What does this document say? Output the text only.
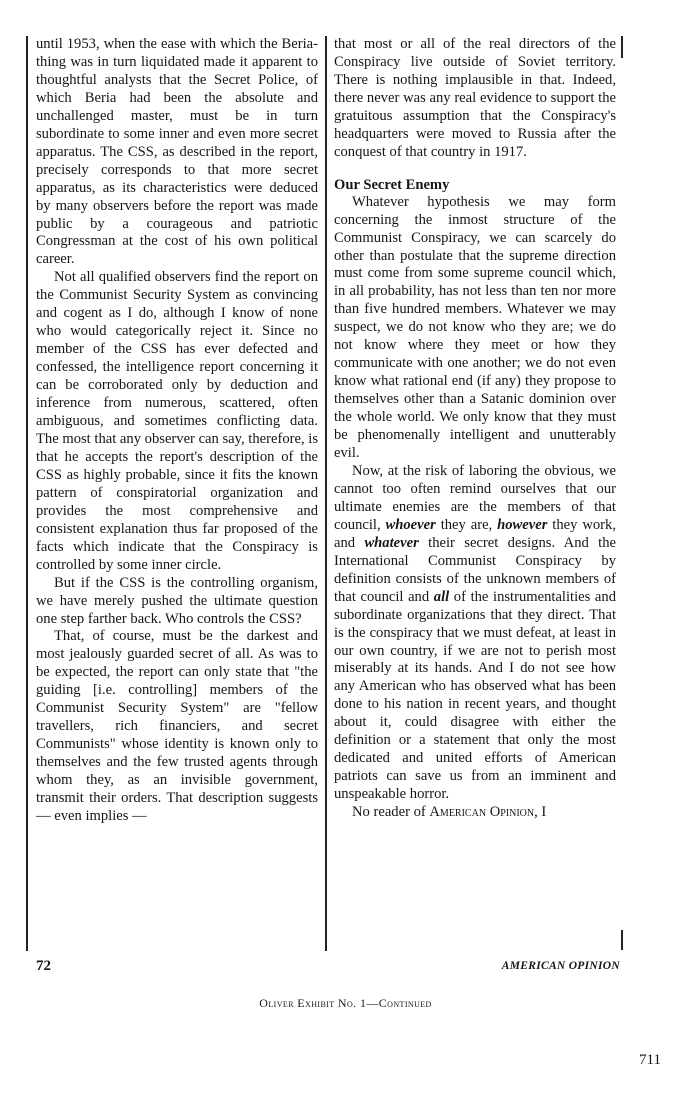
until 1953, when the ease with which the Beria-thing was in turn liquidated made it apparent to thoughtful analysts that the Secret Police, of which Beria had been the absolute and unchallenged master, must be in turn subordinate to some inner and even more secret apparatus. The CSS, as described in the report, precisely corresponds to that more secret apparatus, as its characteristics were deduced by many observers before the report was made public by a courageous and patriotic Congressman at the cost of his own political career.

Not all qualified observers find the report on the Communist Security System as convincing and cogent as I do, although I know of none who would categorically reject it. Since no member of the CSS has ever defected and confessed, the intelligence report concerning it can be corroborated only by deduction and inference from numerous, scattered, often ambiguous, and sometimes conflicting data. The most that any observer can say, therefore, is that he accepts the report's description of the CSS as highly probable, since it fits the known pattern of conspiratorial organization and provides the most comprehensive and consistent explanation thus far proposed of the facts which indicate that the Conspiracy is controlled by some inner circle.

But if the CSS is the controlling organism, we have merely pushed the ultimate question one step farther back. Who controls the CSS?

That, of course, must be the darkest and most jealously guarded secret of all. As was to be expected, the report can only state that "the guiding [i.e. controlling] members of the Communist Security System" are "fellow travellers, rich financiers, and secret Communists" whose identity is known only to themselves and the few trusted agents through whom they, as an invisible government, transmit their orders. That description suggests — even implies —

that most or all of the real directors of the Conspiracy live outside of Soviet territory. There is nothing implausible in that. Indeed, there never was any real evidence to support the gratuitous assumption that the Conspiracy's headquarters were moved to Russia after the conquest of that country in 1917.

Our Secret Enemy

Whatever hypothesis we may form concerning the inmost structure of the Communist Conspiracy, we can scarcely do other than postulate that the supreme direction must come from some supreme council which, in all probability, has not less than ten nor more than five hundred members. Whatever we may suspect, we do not know who they are; we do not know where they meet or how they communicate with one another; we do not even know what rational end (if any) they propose to themselves other than a Satanic dominion over the whole world. We only know that they must be phenomenally intelligent and unutterably evil.

Now, at the risk of laboring the obvious, we cannot too often remind ourselves that our ultimate enemies are the members of that council, whoever they are, however they work, and whatever their secret designs. And the International Communist Conspiracy by definition consists of the unknown members of that council and all of the instrumentalities and subordinate organizations that they direct. That is the conspiracy that we must defeat, at least in our own country, if we are not to perish most miserably at its hands. And I do not see how any American who has observed what has been done to his nation in recent years, and thought about it, could disagree with either the definition or a statement that only the most dedicated and united efforts of American patriots can save us from an imminent and unspeakable horror.

No reader of American Opinion, I

72	AMERICAN OPINION
Oliver Exhibit No. 1—Continued
711
